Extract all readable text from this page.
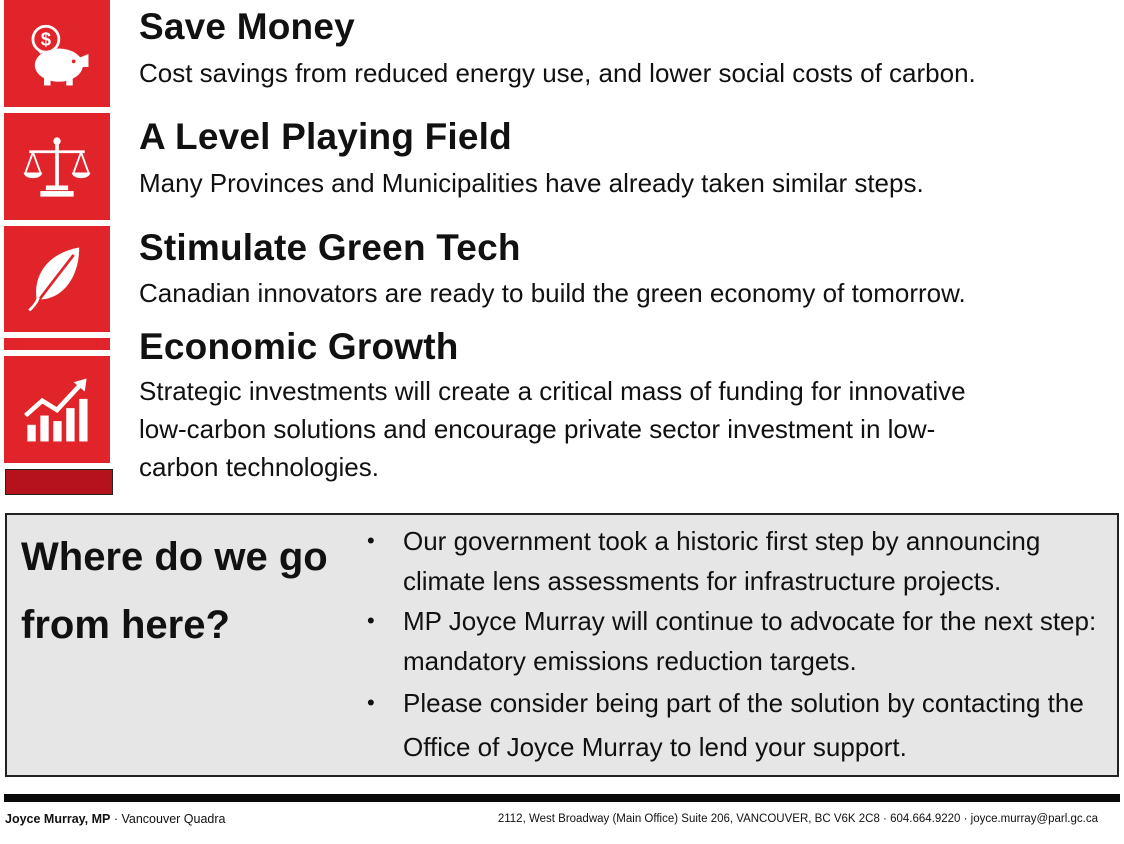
$ Save Money
Cost savings from reduced energy use, and lower social costs of carbon.
A Level Playing Field
Many Provinces and Municipalities have already taken similar steps.
Stimulate Green Tech
Canadian innovators are ready to build the green economy of tomorrow.
Economic Growth
Strategic investments will create a critical mass of funding for innovative low-carbon solutions and encourage private sector investment in low-carbon technologies.
Where do we go from here?
• Our government took a historic first step by announcing climate lens assessments for infrastructure projects.
• MP Joyce Murray will continue to advocate for the next step: mandatory emissions reduction targets.
• Please consider being part of the solution by contacting the Office of Joyce Murray to lend your support.
Joyce Murray, MP · Vancouver Quadra	2112, West Broadway (Main Office) Suite 206, VANCOUVER, BC V6K 2C8 · 604.664.9220 · joyce.murray@parl.gc.ca
